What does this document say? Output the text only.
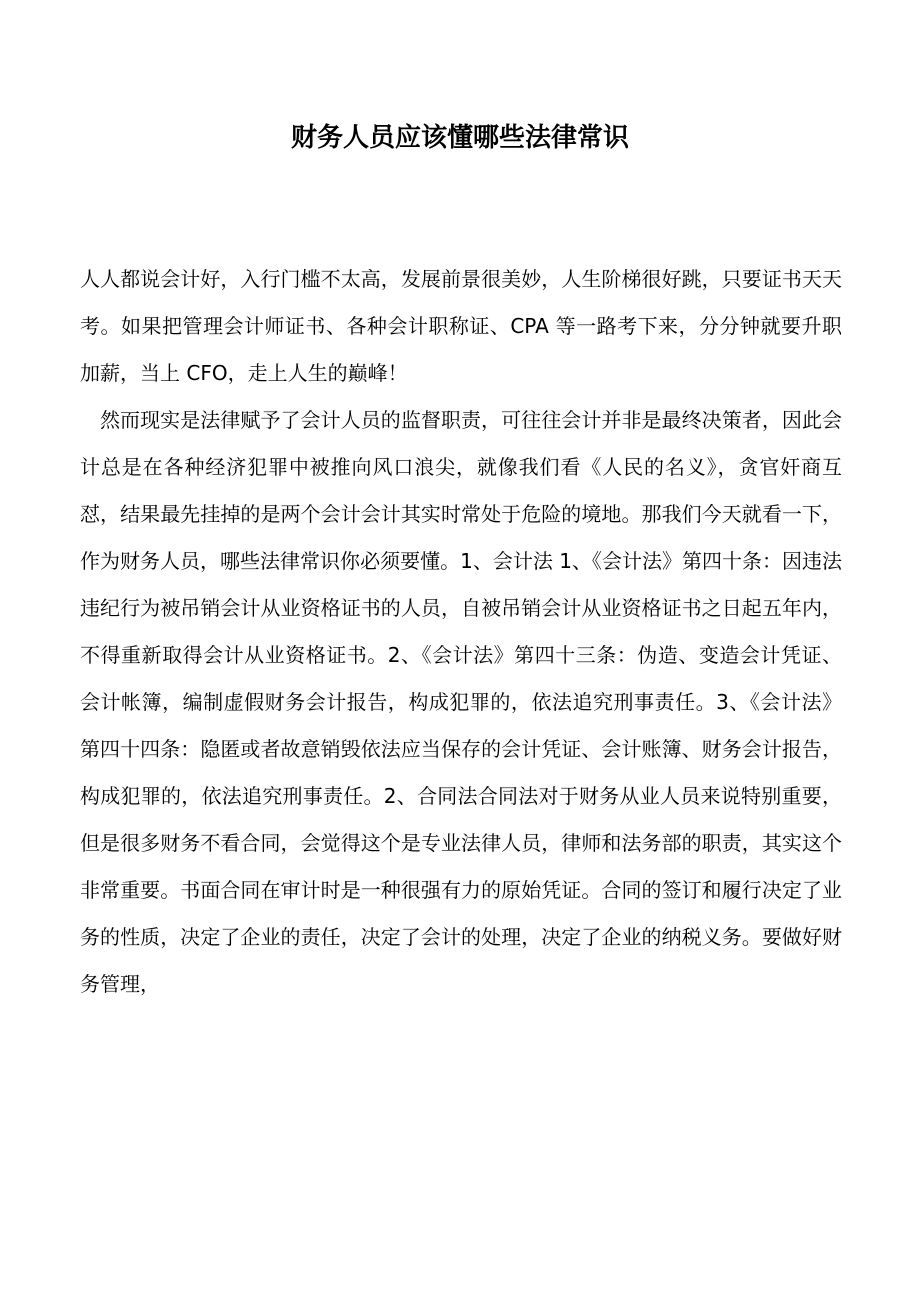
财务人员应该懂哪些法律常识

人人都说会计好，入行门槛不太高，发展前景很美妙，人生阶梯很好跳，只要证书天天考。如果把管理会计师证书、各种会计职称证、CPA 等一路考下来，分分钟就要升职加薪，当上 CFO，走上人生的巅峰！

然而现实是法律赋予了会计人员的监督职责，可往往会计并非是最终决策者，因此会计总是在各种经济犯罪中被推向风口浪尖，就像我们看《人民的名义》，贪官奸商互怼，结果最先挂掉的是两个会计会计其实时常处于危险的境地。那我们今天就看一下，作为财务人员，哪些法律常识你必须要懂。1、会计法 1、《会计法》第四十条：因违法违纪行为被吊销会计从业资格证书的人员，自被吊销会计从业资格证书之日起五年内，不得重新取得会计从业资格证书。2、《会计法》第四十三条：伪造、变造会计凭证、会计帐簿，编制虚假财务会计报告，构成犯罪的，依法追究刑事责任。3、《会计法》第四十四条：隐匿或者故意销毁依法应当保存的会计凭证、会计账簿、财务会计报告，构成犯罪的，依法追究刑事责任。2、合同法合同法对于财务从业人员来说特别重要，但是很多财务不看合同，会觉得这个是专业法律人员，律师和法务部的职责，其实这个非常重要。书面合同在审计时是一种很强有力的原始凭证。合同的签订和履行决定了业务的性质，决定了企业的责任，决定了会计的处理，决定了企业的纳税义务。要做好财务管理，
